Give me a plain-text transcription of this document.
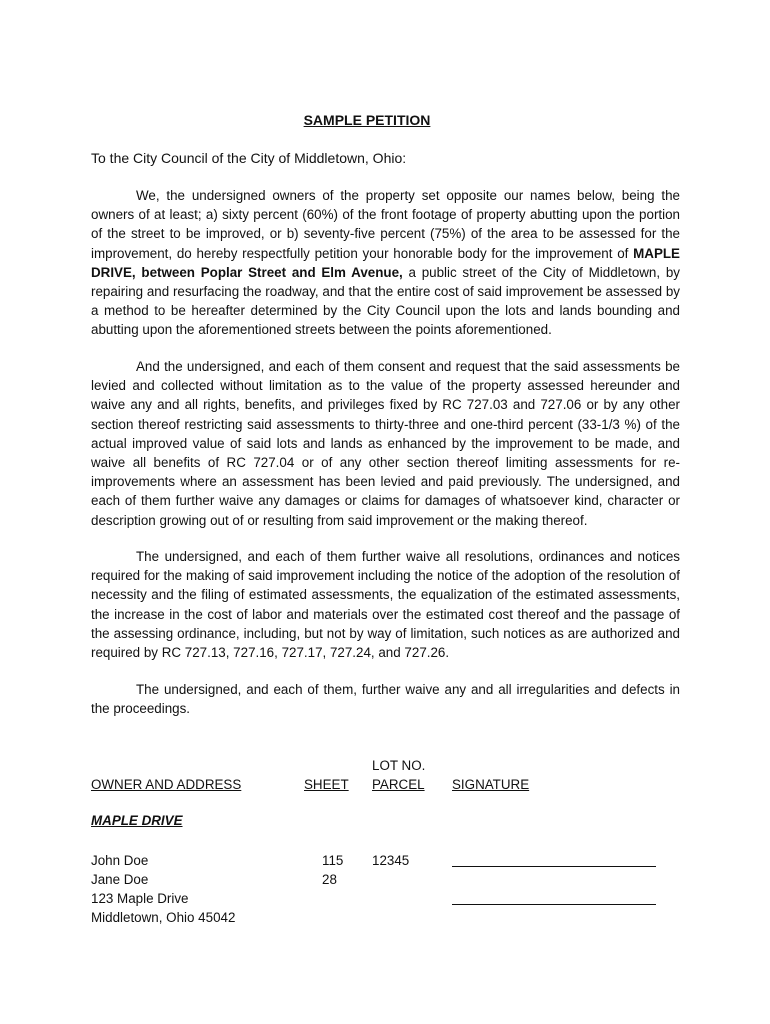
SAMPLE PETITION
To the City Council of the City of Middletown, Ohio:

We, the undersigned owners of the property set opposite our names below, being the owners of at least; a) sixty percent (60%) of the front footage of property abutting upon the portion of the street to be improved, or b) seventy-five percent (75%) of the area to be assessed for the improvement, do hereby respectfully petition your honorable body for the improvement of MAPLE DRIVE, between Poplar Street and Elm Avenue, a public street of the City of Middletown, by repairing and resurfacing the roadway, and that the entire cost of said improvement be assessed by a method to be hereafter determined by the City Council upon the lots and lands bounding and abutting upon the aforementioned streets between the points aforementioned.

And the undersigned, and each of them consent and request that the said assessments be levied and collected without limitation as to the value of the property assessed hereunder and waive any and all rights, benefits, and privileges fixed by RC 727.03 and 727.06 or by any other section thereof restricting said assessments to thirty-three and one-third percent (33-1/3 %) of the actual improved value of said lots and lands as enhanced by the improvement to be made, and waive all benefits of RC 727.04 or of any other section thereof limiting assessments for re-improvements where an assessment has been levied and paid previously. The undersigned, and each of them further waive any damages or claims for damages of whatsoever kind, character or description growing out of or resulting from said improvement or the making thereof.

The undersigned, and each of them further waive all resolutions, ordinances and notices required for the making of said improvement including the notice of the adoption of the resolution of necessity and the filing of estimated assessments, the equalization of the estimated assessments, the increase in the cost of labor and materials over the estimated cost thereof and the passage of the assessing ordinance, including, but not by way of limitation, such notices as are authorized and required by RC 727.13, 727.16, 727.17, 727.24, and 727.26.

The undersigned, and each of them, further waive any and all irregularities and defects in the proceedings.

OWNER AND ADDRESS	SHEET
LOT NO.
PARCEL SIGNATURE
MAPLE DRIVE
John Doe
Jane Doe
123 Maple Drive
Middletown, Ohio 45042
115
28
12345
